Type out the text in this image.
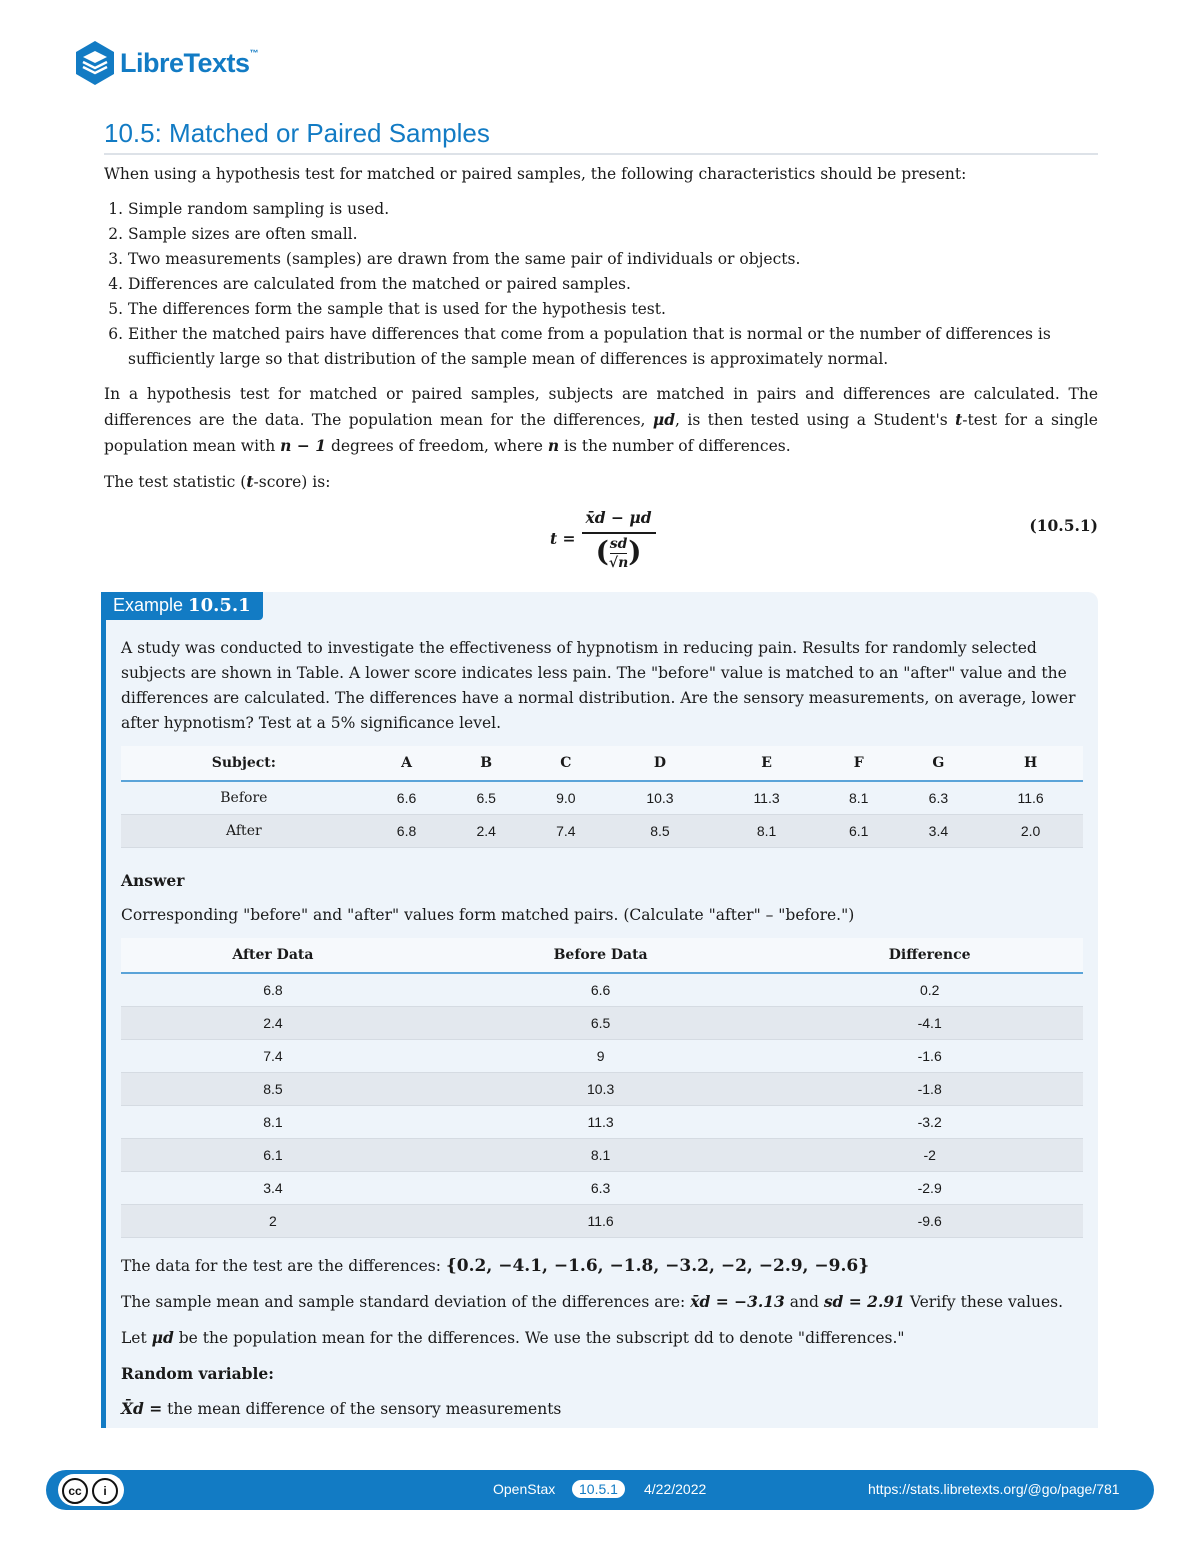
LibreTexts™
10.5: Matched or Paired Samples

When using a hypothesis test for matched or paired samples, the following characteristics should be present:

1. Simple random sampling is used.
2. Sample sizes are often small.
3. Two measurements (samples) are drawn from the same pair of individuals or objects.
4. Differences are calculated from the matched or paired samples.
5. The differences form the sample that is used for the hypothesis test.
6. Either the matched pairs have differences that come from a population that is normal or the number of differences is sufficiently large so that distribution of the sample mean of differences is approximately normal.

In a hypothesis test for matched or paired samples, subjects are matched in pairs and differences are calculated. The differences are the data. The population mean for the differences, μd, is then tested using a Student's t-test for a single population mean with n − 1 degrees of freedom, where n is the number of differences.

The test statistic (t-score) is:

$t = \frac{x̄d - \mu d}{( \frac{sd}{√n} )}$	(10.5.1)
Example 10.5.1

A study was conducted to investigate the effectiveness of hypnotism in reducing pain. Results for randomly selected subjects are shown in Table. A lower score indicates less pain. The "before" value is matched to an "after" value and the differences are calculated. The differences have a normal distribution. Are the sensory measurements, on average, lower after hypnotism? Test at a 5% significance level.

Subject:	A	B	C	D	E	F	G	H
Before	6.6	6.5	9.0	10.3	11.3	8.1	6.3	11.6
After	6.8	2.4	7.4	8.5	8.1	6.1	3.4	2.0

Answer

Corresponding "before" and "after" values form matched pairs. (Calculate "after" – "before.")

After Data	Before Data	Difference
6.8	6.6	0.2
2.4	6.5	-4.1
7.4	9	-1.6
8.5	10.3	-1.8
8.1	11.3	-3.2
6.1	8.1	-2
3.4	6.3	-2.9
2	11.6	-9.6

The data for the test are the differences: {0.2, −4.1, −1.6, −1.8, −3.2, −2, −2.9, −9.6}

The sample mean and sample standard deviation of the differences are: x̄d = −3.13 and sd = 2.91 Verify these values.

Let μd be the population mean for the differences. We use the subscript dd to denote "differences."

Random variable:

X̄d = the mean difference of the sensory measurements

cc	i	OpenStax	10.5.1	4/22/2022	https://stats.libretexts.org/@go/page/781
